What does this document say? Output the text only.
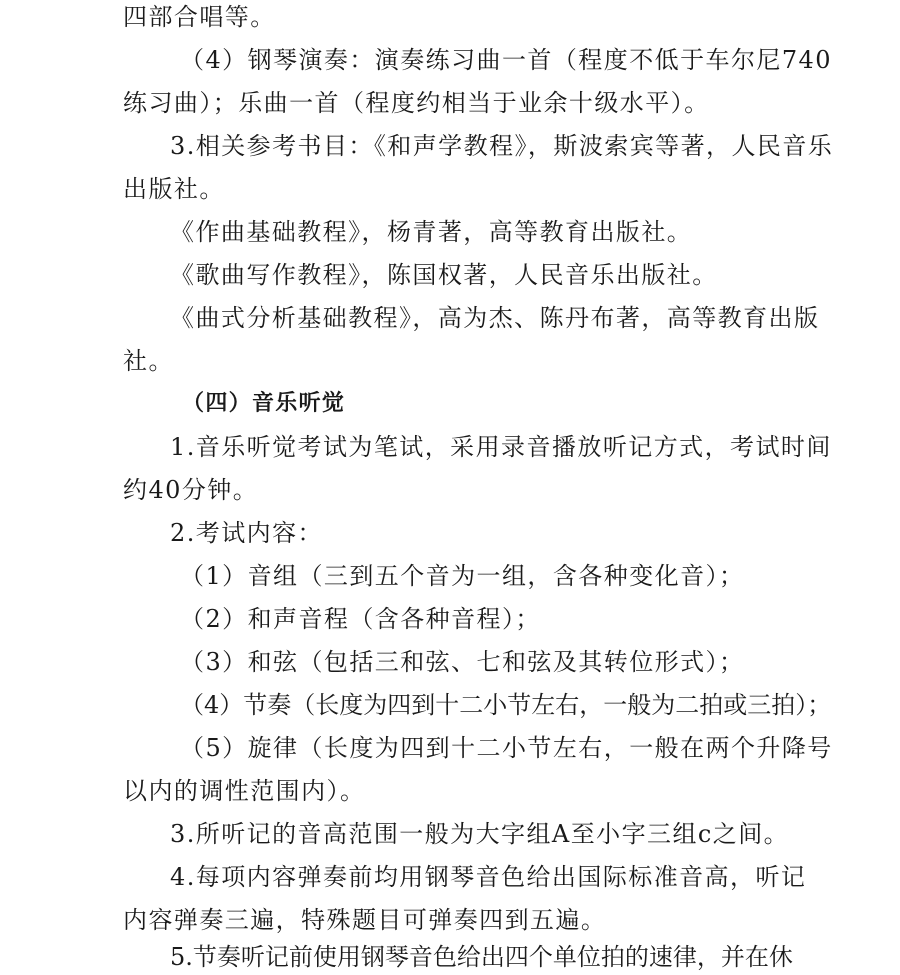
四部合唱等。
（4）钢琴演奏：演奏练习曲一首（程度不低于车尔尼740
练习曲）；乐曲一首（程度约相当于业余十级水平）。
3.相关参考书目：《和声学教程》，斯波索宾等著，人民音乐
出版社。
《作曲基础教程》，杨青著，高等教育出版社。
《歌曲写作教程》，陈国权著，人民音乐出版社。
《曲式分析基础教程》，高为杰、陈丹布著，高等教育出版
社。
（四）音乐听觉
1.音乐听觉考试为笔试，采用录音播放听记方式，考试时间
约40分钟。
2.考试内容：
（1）音组（三到五个音为一组，含各种变化音）；
（2）和声音程（含各种音程）；
（3）和弦（包括三和弦、七和弦及其转位形式）；
（4）节奏（长度为四到十二小节左右，一般为二拍或三拍）；
（5）旋律（长度为四到十二小节左右，一般在两个升降号
以内的调性范围内）。
3.所听记的音高范围一般为大字组A至小字三组c之间。
4.每项内容弹奏前均用钢琴音色给出国际标准音高，听记
内容弹奏三遍，特殊题目可弹奏四到五遍。
5.节奏听记前使用钢琴音色给出四个单位拍的速律，并在休
